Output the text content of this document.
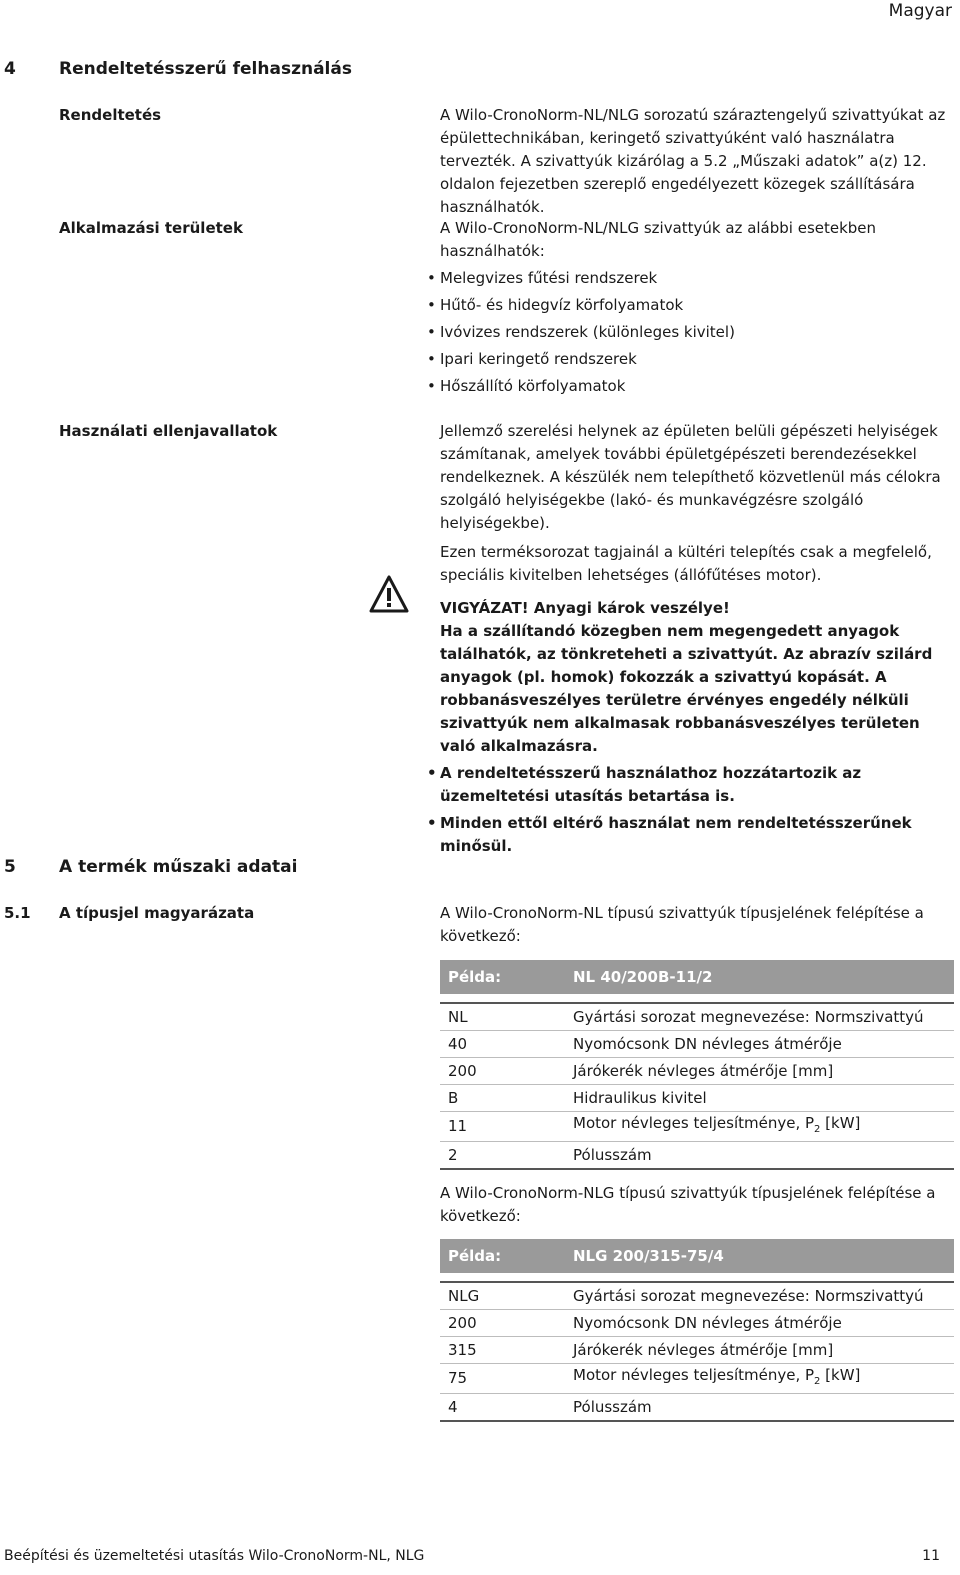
Magyar
4	Rendeltetésszerű felhasználás
Rendeltetés	A Wilo-CronoNorm-NL/NLG sorozatú száraztengelyű szivattyúkat az épülettechnikában, keringető szivattyúként való használatra tervezték. A szivattyúk kizárólag a 5.2 „Műszaki adatok” a(z) 12. oldalon fejezetben szereplő engedélyezett közegek szállítására használhatók.

Alkalmazási területek	A Wilo-CronoNorm-NL/NLG szivattyúk az alábbi esetekben használhatók:

• Melegvizes fűtési rendszerek
• Hűtő- és hidegvíz körfolyamatok
• Ivóvizes rendszerek (különleges kivitel)
• Ipari keringető rendszerek
• Hőszállító körfolyamatok
Használati ellenjavallatok	Jellemző szerelési helynek az épületen belüli gépészeti helyiségek számítanak, amelyek további épületgépészeti berendezésekkel rendelkeznek. A készülék nem telepíthető közvetlenül más célokra szolgáló helyiségekbe (lakó- és munkavégzésre szolgáló helyiségekbe).

Ezen terméksorozat tagjainál a kültéri telepítés csak a megfelelő, speciális kivitelben lehetséges (állófűtéses motor).

VIGYÁZAT! Anyagi károk veszélye!

Ha a szállítandó közegben nem megengedett anyagok találhatók, az tönkreteheti a szivattyút. Az abrazív szilárd anyagok (pl. homok) fokozzák a szivattyú kopását. A robbanásveszélyes területre érvényes engedély nélküli szivattyúk nem alkalmasak robbanásveszélyes területen való alkalmazásra.

• A rendeltetésszerű használathoz hozzátartozik az üzemeltetési utasítás betartása is.
• Minden ettől eltérő használat nem rendeltetésszerűnek minősül.
5	A termék műszaki adatai
5.1 A típusjel magyarázata	A Wilo-CronoNorm-NL típusú szivattyúk típusjelének felépítése a következő:

Példa:	NL 40/200B-11/2

NL	Gyártási sorozat megnevezése: Normszivattyú
40	Nyomócsonk DN névleges átmérője
200	Járókerék névleges átmérője [mm]
B	Hidraulikus kivitel
11	Motor névleges teljesítménye, $P_2$ [kW]
2	Pólusszám

A Wilo-CronoNorm-NLG típusú szivattyúk típusjelének felépítése a következő:

Példa:	NLG 200/315-75/4

NLG	Gyártási sorozat megnevezése: Normszivattyú
200	Nyomócsonk DN névleges átmérője
315	Járókerék névleges átmérője [mm]
75	Motor névleges teljesítménye, $P_2$ [kW]
4	Pólusszám
Beépítési és üzemeltetési utasítás Wilo-CronoNorm-NL, NLG	11
